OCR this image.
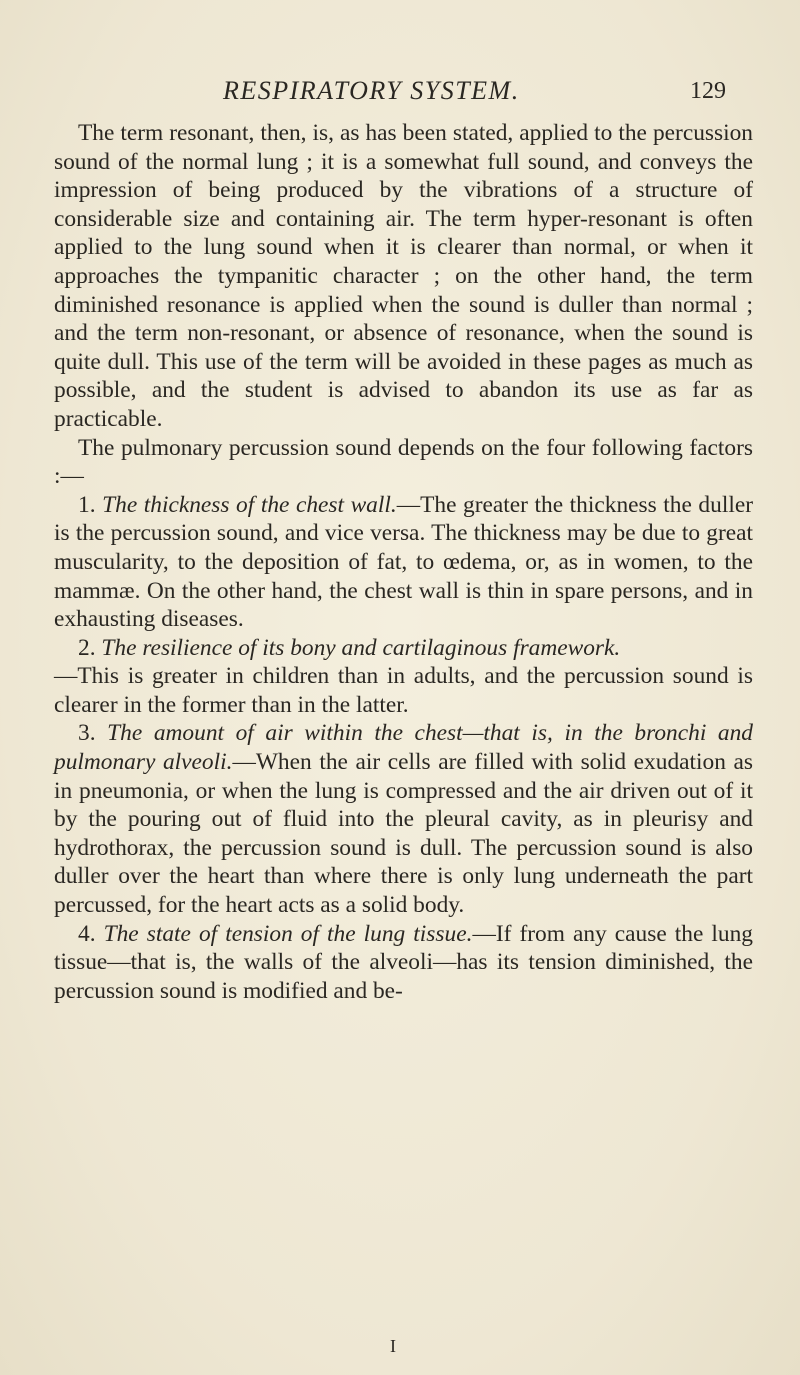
RESPIRATORY SYSTEM.	129

The term resonant, then, is, as has been stated, applied to the percussion sound of the normal lung ; it is a somewhat full sound, and conveys the impression of being produced by the vibrations of a structure of considerable size and containing air. The term hyper-resonant is often applied to the lung sound when it is clearer than normal, or when it approaches the tympanitic character ; on the other hand, the term diminished resonance is applied when the sound is duller than normal ; and the term non-resonant, or absence of resonance, when the sound is quite dull. This use of the term will be avoided in these pages as much as possible, and the student is advised to abandon its use as far as practicable.

The pulmonary percussion sound depends on the four following factors :—

1. The thickness of the chest wall.—The greater the thickness the duller is the percussion sound, and vice versa. The thickness may be due to great muscularity, to the deposition of fat, to œdema, or, as in women, to the mammæ. On the other hand, the chest wall is thin in spare persons, and in exhausting diseases.

2. The resilience of its bony and cartilaginous framework.
—This is greater in children than in adults, and the percussion sound is clearer in the former than in the latter.

3. The amount of air within the chest—that is, in the bronchi and pulmonary alveoli.—When the air cells are filled with solid exudation as in pneumonia, or when the lung is compressed and the air driven out of it by the pouring out of fluid into the pleural cavity, as in pleurisy and hydrothorax, the percussion sound is dull. The percussion sound is also duller over the heart than where there is only lung underneath the part percussed, for the heart acts as a solid body.

4. The state of tension of the lung tissue.—If from any cause the lung tissue—that is, the walls of the alveoli—has its tension diminished, the percussion sound is modified and be-

I
